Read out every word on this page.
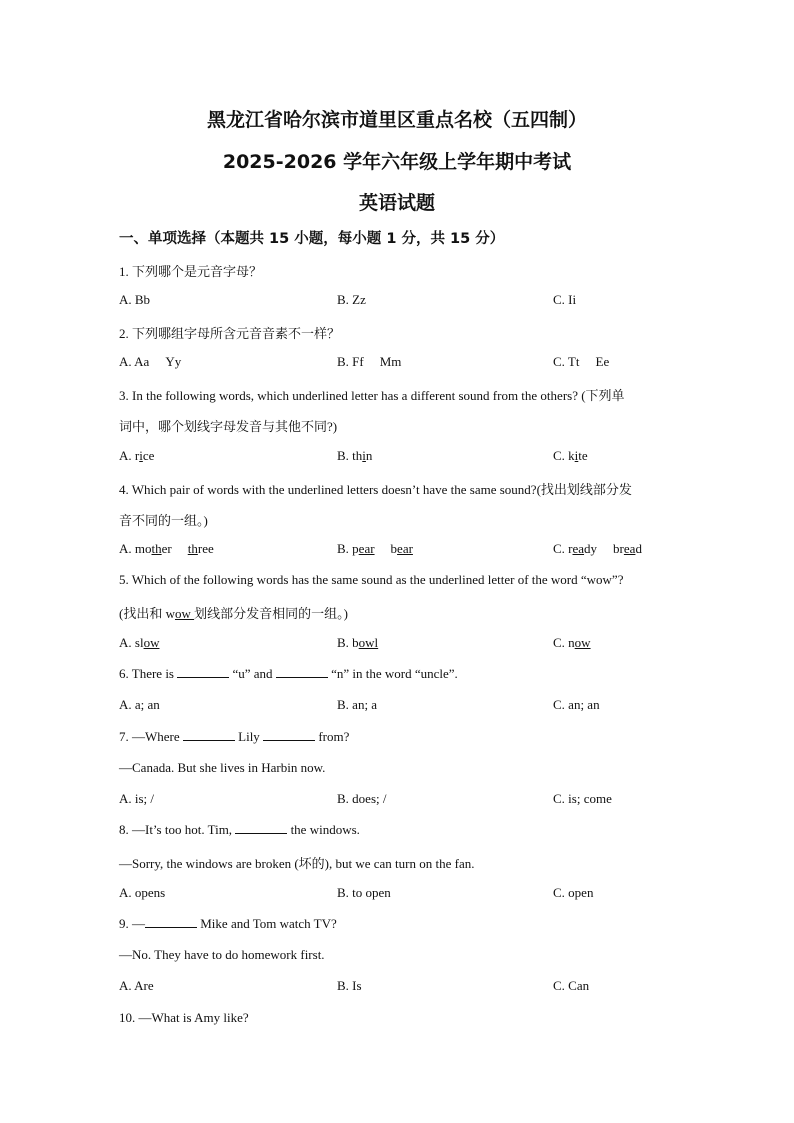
黑龙江省哈尔滨市道里区重点名校（五四制）
2025-2026 学年六年级上学年期中考试
英语试题
一、单项选择（本题共 15 小题，每小题 1 分，共 15 分）
1. 下列哪个是元音字母？
A. Bb	B. Zz	C. Ii
2. 下列哪组字母所含元音音素不一样？
A. Aa Yy	B. Ff Mm	C. Tt Ee
3. In the following words, which underlined letter has a different sound from the others? (下列单
词中，哪个划线字母发音与其他不同?)
A. rice	B. thin	C. kite
4. Which pair of words with the underlined letters doesn’t have the same sound?(找出划线部分发
音不同的一组。)
A. mother three	B. pear bear	C. ready bread
5. Which of the following words has the same sound as the underlined letter of the word “wow”?
(找出和 wow 划线部分发音相同的一组。)
A. slow	B. bowl	C. now
6. There is	“u” and	“n” in the word “uncle”.
A. a; an	B. an; a	C. an; an
7. —Where	Lily	from?
—Canada. But she lives in Harbin now.
A. is; /	B. does; /	C. is; come
8. —It’s too hot. Tim,	the windows.
—Sorry, the windows are broken (坏的), but we can turn on the fan.
A. opens	B. to open	C. open
9. —	Mike and Tom watch TV?
—No. They have to do homework first.
A. Are	B. Is	C. Can
10. —What is Amy like?
